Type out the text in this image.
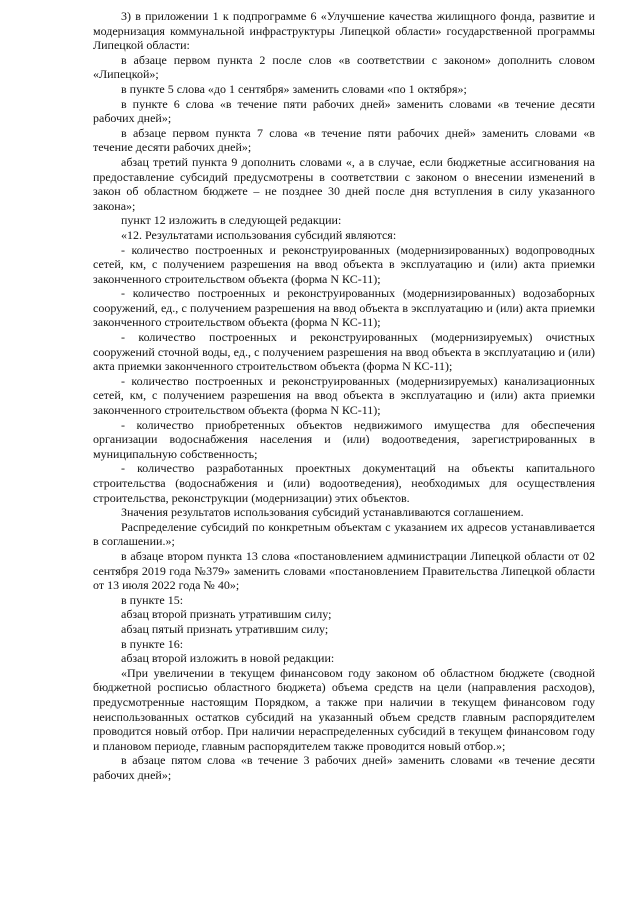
3) в приложении 1 к подпрограмме 6 «Улучшение качества жилищного фонда, развитие и модернизация коммунальной инфраструктуры Липецкой области» государственной программы Липецкой области:

в абзаце первом пункта 2 после слов «в соответствии с законом» дополнить словом «Липецкой»;

в пункте 5 слова «до 1 сентября» заменить словами «по 1 октября»;

в пункте 6 слова «в течение пяти рабочих дней» заменить словами «в течение десяти рабочих дней»;

в абзаце первом пункта 7 слова «в течение пяти рабочих дней» заменить словами «в течение десяти рабочих дней»;

абзац третий пункта 9 дополнить словами «, а в случае, если бюджетные ассигнования на предоставление субсидий предусмотрены в соответствии с законом о внесении изменений в закон об областном бюджете – не позднее 30 дней после дня вступления в силу указанного закона»;

пункт 12 изложить в следующей редакции:

«12. Результатами использования субсидий являются:

- количество построенных и реконструированных (модернизированных) водопроводных сетей, км, с получением разрешения на ввод объекта в эксплуатацию и (или) акта приемки законченного строительством объекта (форма N КС-11);

- количество построенных и реконструированных (модернизированных) водозаборных сооружений, ед., с получением разрешения на ввод объекта в эксплуатацию и (или) акта приемки законченного строительством объекта (форма N КС-11);

- количество построенных и реконструированных (модернизируемых) очистных сооружений сточной воды, ед., с получением разрешения на ввод объекта в эксплуатацию и (или) акта приемки законченного строительством объекта (форма N КС-11);

- количество построенных и реконструированных (модернизируемых) канализационных сетей, км, с получением разрешения на ввод объекта в эксплуатацию и (или) акта приемки законченного строительством объекта (форма N КС-11);

- количество приобретенных объектов недвижимого имущества для обеспечения организации водоснабжения населения и (или) водоотведения, зарегистрированных в муниципальную собственность;

- количество разработанных проектных документаций на объекты капитального строительства (водоснабжения и (или) водоотведения), необходимых для осуществления строительства, реконструкции (модернизации) этих объектов.

Значения результатов использования субсидий устанавливаются соглашением.

Распределение субсидий по конкретным объектам с указанием их адресов устанавливается в соглашении.»;

в абзаце втором пункта 13 слова «постановлением администрации Липецкой области от 02 сентября 2019 года №379» заменить словами «постановлением Правительства Липецкой области от 13 июля 2022 года № 40»;

в пункте 15:

абзац второй признать утратившим силу;

абзац пятый признать утратившим силу;

в пункте 16:

абзац второй изложить в новой редакции:

«При увеличении в текущем финансовом году законом об областном бюджете (сводной бюджетной росписью областного бюджета) объема средств на цели (направления расходов), предусмотренные настоящим Порядком, а также при наличии в текущем финансовом году неиспользованных остатков субсидий на указанный объем средств главным распорядителем проводится новый отбор. При наличии нераспределенных субсидий в текущем финансовом году и плановом периоде, главным распорядителем также проводится новый отбор.»;

в абзаце пятом слова «в течение 3 рабочих дней» заменить словами «в течение десяти рабочих дней»;
